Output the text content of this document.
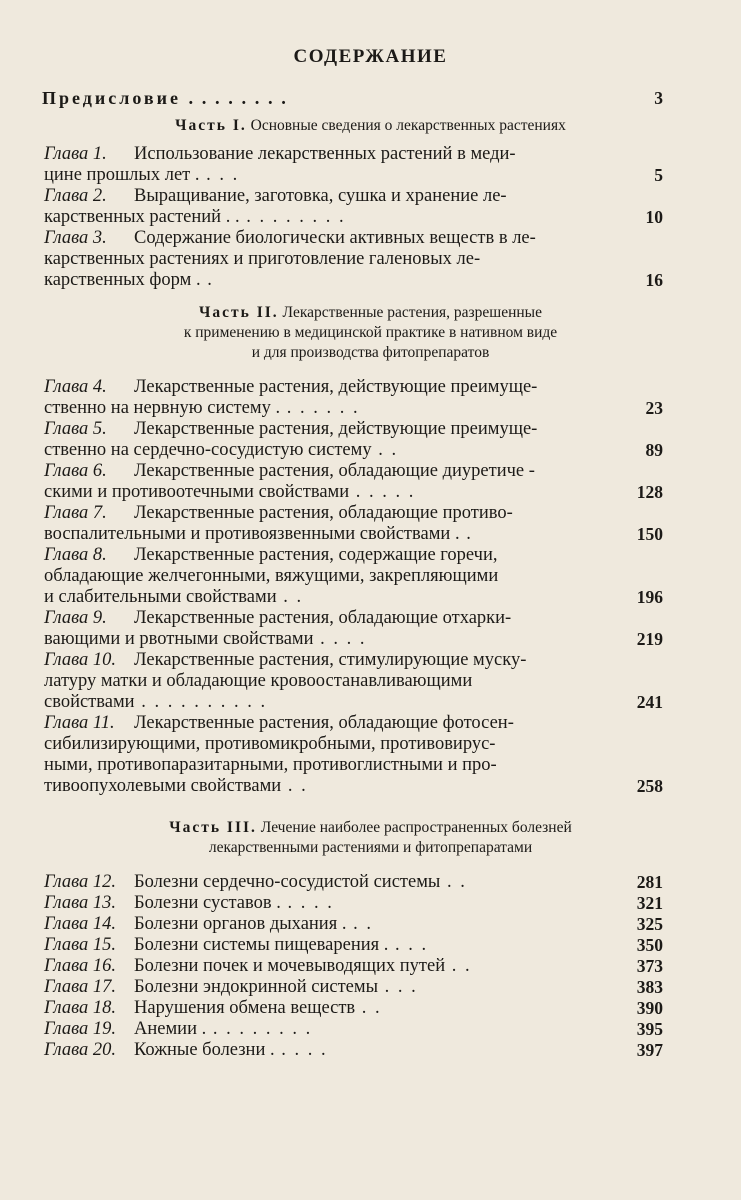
СОДЕРЖАНИЕ
Предисловие . . . . . . . .	3
Часть I. Основные сведения о лекарственных растениях
Часть II. Лекарственные растения, разрешенные
к применению в медицинской практике в нативном виде
и для производства фитопрепаратов
Часть III. Лечение наиболее распространенных болезней
лекарственными растениями и фитопрепаратами
Глава 1. Использование лекарственных растений в меди-
цине прошлых лет . . . .	5
Глава 2. Выращивание, заготовка, сушка и хранение ле-
карственных растений . . . . . . . . . .	10
Глава 3. Содержание биологически активных веществ в ле-
карственных растениях и приготовление галеновых ле-
карственных форм . .	16
Глава 4. Лекарственные растения, действующие преимуще-
ственно на нервную систему . . . . . . .	23
Глава 5. Лекарственные растения, действующие преимуще-
ственно на сердечно-сосудистую систему . .	89
Глава 6. Лекарственные растения, обладающие диуретиче -
скими и противоотечными свойствами . . . . .	128
Глава 7. Лекарственные растения, обладающие противо-
воспалительными и противоязвенными свойствами . .	150
Глава 8. Лекарственные растения, содержащие горечи,
обладающие желчегонными, вяжущими, закрепляющими
и слабительными свойствами . .	196
Глава 9. Лекарственные растения, обладающие отхарки-
вающими и рвотными свойствами . . . .	219
Глава 10. Лекарственные растения, стимулирующие муску-
латуру матки и обладающие кровоостанавливающими
свойствами . . . . . . . . . .	241
Глава 11. Лекарственные растения, обладающие фотосен-
сибилизирующими, противомикробными, противовирус-
ными, противопаразитарными, противоглистными и про-
тивоопухолевыми свойствами . .	258
Глава 12. Болезни сердечно-сосудистой системы . .	281
Глава 13. Болезни суставов . . . . .	321
Глава 14. Болезни органов дыхания . . .	325
Глава 15. Болезни системы пищеварения . . . .	350
Глава 16. Болезни почек и мочевыводящих путей . .	373
Глава 17. Болезни эндокринной системы . . .	383
Глава 18. Нарушения обмена веществ . .	390
Глава 19. Анемии . . . . . . . . .	395
Глава 20. Кожные болезни . . . . .	397
